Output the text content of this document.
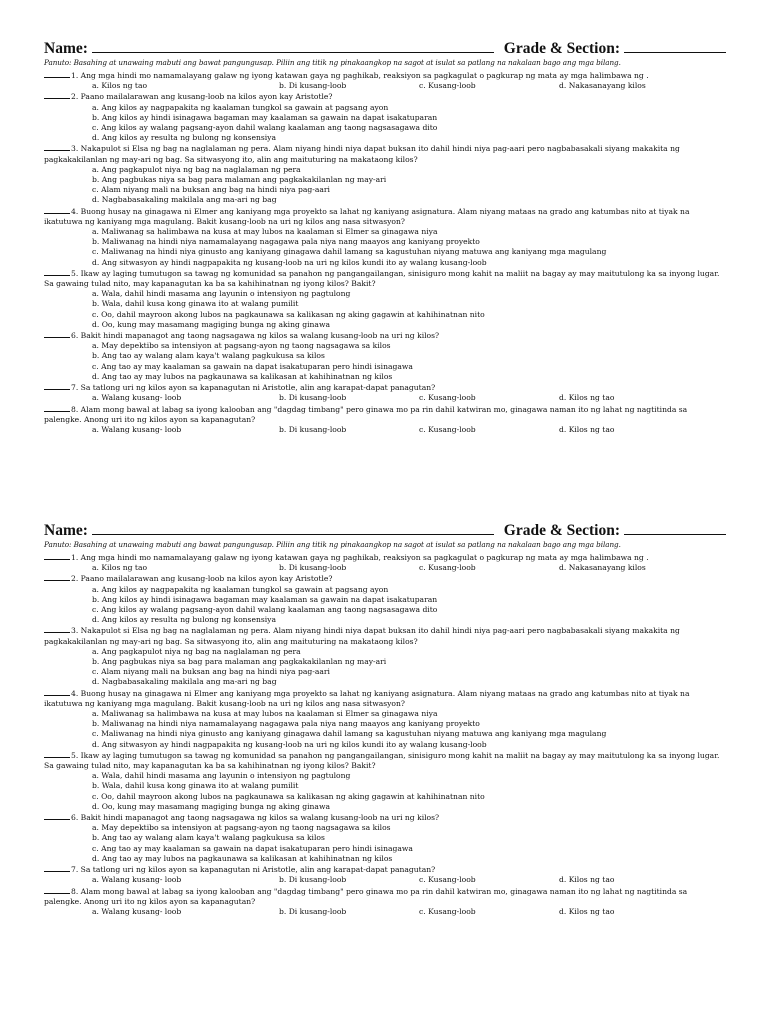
Name:	Grade & Section:
Panuto: Basahing at unawaing mabuti ang bawat pangungusap. Piliin ang titik ng pinakaangkop na sagot at isulat sa patlang na nakalaan bago ang mga bilang.
1. Ang mga hindi mo namamalayang galaw ng iyong katawan gaya ng paghikab, reaksiyon sa pagkagulat o pagkurap ng mata ay mga halimbawa ng .
a. Kilos ng tao	b. Di kusang-loob	c. Kusang-loob	d. Nakasanayang kilos
2. Paano mailalarawan ang kusang-loob na kilos ayon kay Aristotle?
a. Ang kilos ay nagpapakita ng kaalaman tungkol sa gawain at pagsang ayon
b. Ang kilos ay hindi isinagawa bagaman may kaalaman sa gawain na dapat isakatuparan
c. Ang kilos ay walang pagsang-ayon dahil walang kaalaman ang taong nagsasagawa dito
d. Ang kilos ay resulta ng bulong ng konsensiya
3. Nakapulot si Elsa ng bag na naglalaman ng pera. Alam niyang hindi niya dapat buksan ito dahil hindi niya pag-aari pero nagbabasakali siyang makakita ng pagkakakilanlan ng may-ari ng bag. Sa sitwasyong ito, alin ang maituturing na makataong kilos?
a. Ang pagkapulot niya ng bag na naglalaman ng pera
b. Ang pagbukas niya sa bag para malaman ang pagkakakilanlan ng may-ari
c. Alam niyang mali na buksan ang bag na hindi niya pag-aari
d. Nagbabasakaling makilala ang ma-ari ng bag
4. Buong husay na ginagawa ni Elmer ang kaniyang mga proyekto sa lahat ng kaniyang asignatura. Alam niyang mataas na grado ang katumbas nito at tiyak na ikatutuwa ng kaniyang mga magulang. Bakit kusang-loob na uri ng kilos ang nasa sitwasyon?
a. Maliwanag sa halimbawa na kusa at may lubos na kaalaman si Elmer sa ginagawa niya
b. Maliwanag na hindi niya namamalayang nagagawa pala niya nang maayos ang kaniyang proyekto
c. Maliwanag na hindi niya ginusto ang kaniyang ginagawa dahil lamang sa kagustuhan niyang matuwa ang kaniyang mga magulang
d. Ang sitwasyon ay hindi nagpapakita ng kusang-loob na uri ng kilos kundi ito ay walang kusang-loob
5. Ikaw ay laging tumutugon sa tawag ng komunidad sa panahon ng pangangailangan, sinisiguro mong kahit na maliit na bagay ay may maitutulong ka sa inyong lugar. Sa gawaing tulad nito, may kapanagutan ka ba sa kahihinatnan ng iyong kilos? Bakit?
a. Wala, dahil hindi masama ang layunin o intensiyon ng pagtulong
b. Wala, dahil kusa kong ginawa ito at walang pumilit
c. Oo, dahil mayroon akong lubos na pagkaunawa sa kalikasan ng aking gagawin at kahihinatnan nito
d. Oo, kung may masamang magiging bunga ng aking ginawa
6. Bakit hindi mapanagot ang taong nagsagawa ng kilos sa walang kusang-loob na uri ng kilos?
a. May depektibo sa intensiyon at pagsang-ayon ng taong nagsagawa sa kilos
b. Ang tao ay walang alam kaya't walang pagkukusa sa kilos
c. Ang tao ay may kaalaman sa gawain na dapat isakatuparan pero hindi isinagawa
d. Ang tao ay may lubos na pagkaunawa sa kalikasan at kahihinatnan ng kilos
7. Sa tatlong uri ng kilos ayon sa kapanagutan ni Aristotle, alin ang karapat-dapat panagutan?
a. Walang kusang- loob	b. Di kusang-loob	c. Kusang-loob	d. Kilos ng tao
8. Alam mong bawal at labag sa iyong kalooban ang "dagdag timbang" pero ginawa mo pa rin dahil katwiran mo, ginagawa naman ito ng lahat ng nagtitinda sa palengke. Anong uri ito ng kilos ayon sa kapanagutan?
a. Walang kusang- loob	b. Di kusang-loob	c. Kusang-loob	d. Kilos ng tao
Name:	Grade & Section:
Panuto: Basahing at unawaing mabuti ang bawat pangungusap. Piliin ang titik ng pinakaangkop na sagot at isulat sa patlang na nakalaan bago ang mga bilang.
1. Ang mga hindi mo namamalayang galaw ng iyong katawan gaya ng paghikab, reaksiyon sa pagkagulat o pagkurap ng mata ay mga halimbawa ng .
a. Kilos ng tao	b. Di kusang-loob	c. Kusang-loob	d. Nakasanayang kilos
2. Paano mailalarawan ang kusang-loob na kilos ayon kay Aristotle?
a. Ang kilos ay nagpapakita ng kaalaman tungkol sa gawain at pagsang ayon
b. Ang kilos ay hindi isinagawa bagaman may kaalaman sa gawain na dapat isakatuparan
c. Ang kilos ay walang pagsang-ayon dahil walang kaalaman ang taong nagsasagawa dito
d. Ang kilos ay resulta ng bulong ng konsensiya
3. Nakapulot si Elsa ng bag na naglalaman ng pera. Alam niyang hindi niya dapat buksan ito dahil hindi niya pag-aari pero nagbabasakali siyang makakita ng pagkakakilanlan ng may-ari ng bag. Sa sitwasyong ito, alin ang maituturing na makataong kilos?
a. Ang pagkapulot niya ng bag na naglalaman ng pera
b. Ang pagbukas niya sa bag para malaman ang pagkakakilanlan ng may-ari
c. Alam niyang mali na buksan ang bag na hindi niya pag-aari
d. Nagbabasakaling makilala ang ma-ari ng bag
4. Buong husay na ginagawa ni Elmer ang kaniyang mga proyekto sa lahat ng kaniyang asignatura. Alam niyang mataas na grado ang katumbas nito at tiyak na ikatutuwa ng kaniyang mga magulang. Bakit kusang-loob na uri ng kilos ang nasa sitwasyon?
a. Maliwanag sa halimbawa na kusa at may lubos na kaalaman si Elmer sa ginagawa niya
b. Maliwanag na hindi niya namamalayang nagagawa pala niya nang maayos ang kaniyang proyekto
c. Maliwanag na hindi niya ginusto ang kaniyang ginagawa dahil lamang sa kagustuhan niyang matuwa ang kaniyang mga magulang
d. Ang sitwasyon ay hindi nagpapakita ng kusang-loob na uri ng kilos kundi ito ay walang kusang-loob
5. Ikaw ay laging tumutugon sa tawag ng komunidad sa panahon ng pangangailangan, sinisiguro mong kahit na maliit na bagay ay may maitutulong ka sa inyong lugar. Sa gawaing tulad nito, may kapanagutan ka ba sa kahihinatnan ng iyong kilos? Bakit?
a. Wala, dahil hindi masama ang layunin o intensiyon ng pagtulong
b. Wala, dahil kusa kong ginawa ito at walang pumilit
c. Oo, dahil mayroon akong lubos na pagkaunawa sa kalikasan ng aking gagawin at kahihinatnan nito
d. Oo, kung may masamang magiging bunga ng aking ginawa
6. Bakit hindi mapanagot ang taong nagsagawa ng kilos sa walang kusang-loob na uri ng kilos?
a. May depektibo sa intensiyon at pagsang-ayon ng taong nagsagawa sa kilos
b. Ang tao ay walang alam kaya't walang pagkukusa sa kilos
c. Ang tao ay may kaalaman sa gawain na dapat isakatuparan pero hindi isinagawa
d. Ang tao ay may lubos na pagkaunawa sa kalikasan at kahihinatnan ng kilos
7. Sa tatlong uri ng kilos ayon sa kapanagutan ni Aristotle, alin ang karapat-dapat panagutan?
a. Walang kusang- loob	b. Di kusang-loob	c. Kusang-loob	d. Kilos ng tao
8. Alam mong bawal at labag sa iyong kalooban ang "dagdag timbang" pero ginawa mo pa rin dahil katwiran mo, ginagawa naman ito ng lahat ng nagtitinda sa palengke. Anong uri ito ng kilos ayon sa kapanagutan?
a. Walang kusang- loob	b. Di kusang-loob	c. Kusang-loob	d. Kilos ng tao
